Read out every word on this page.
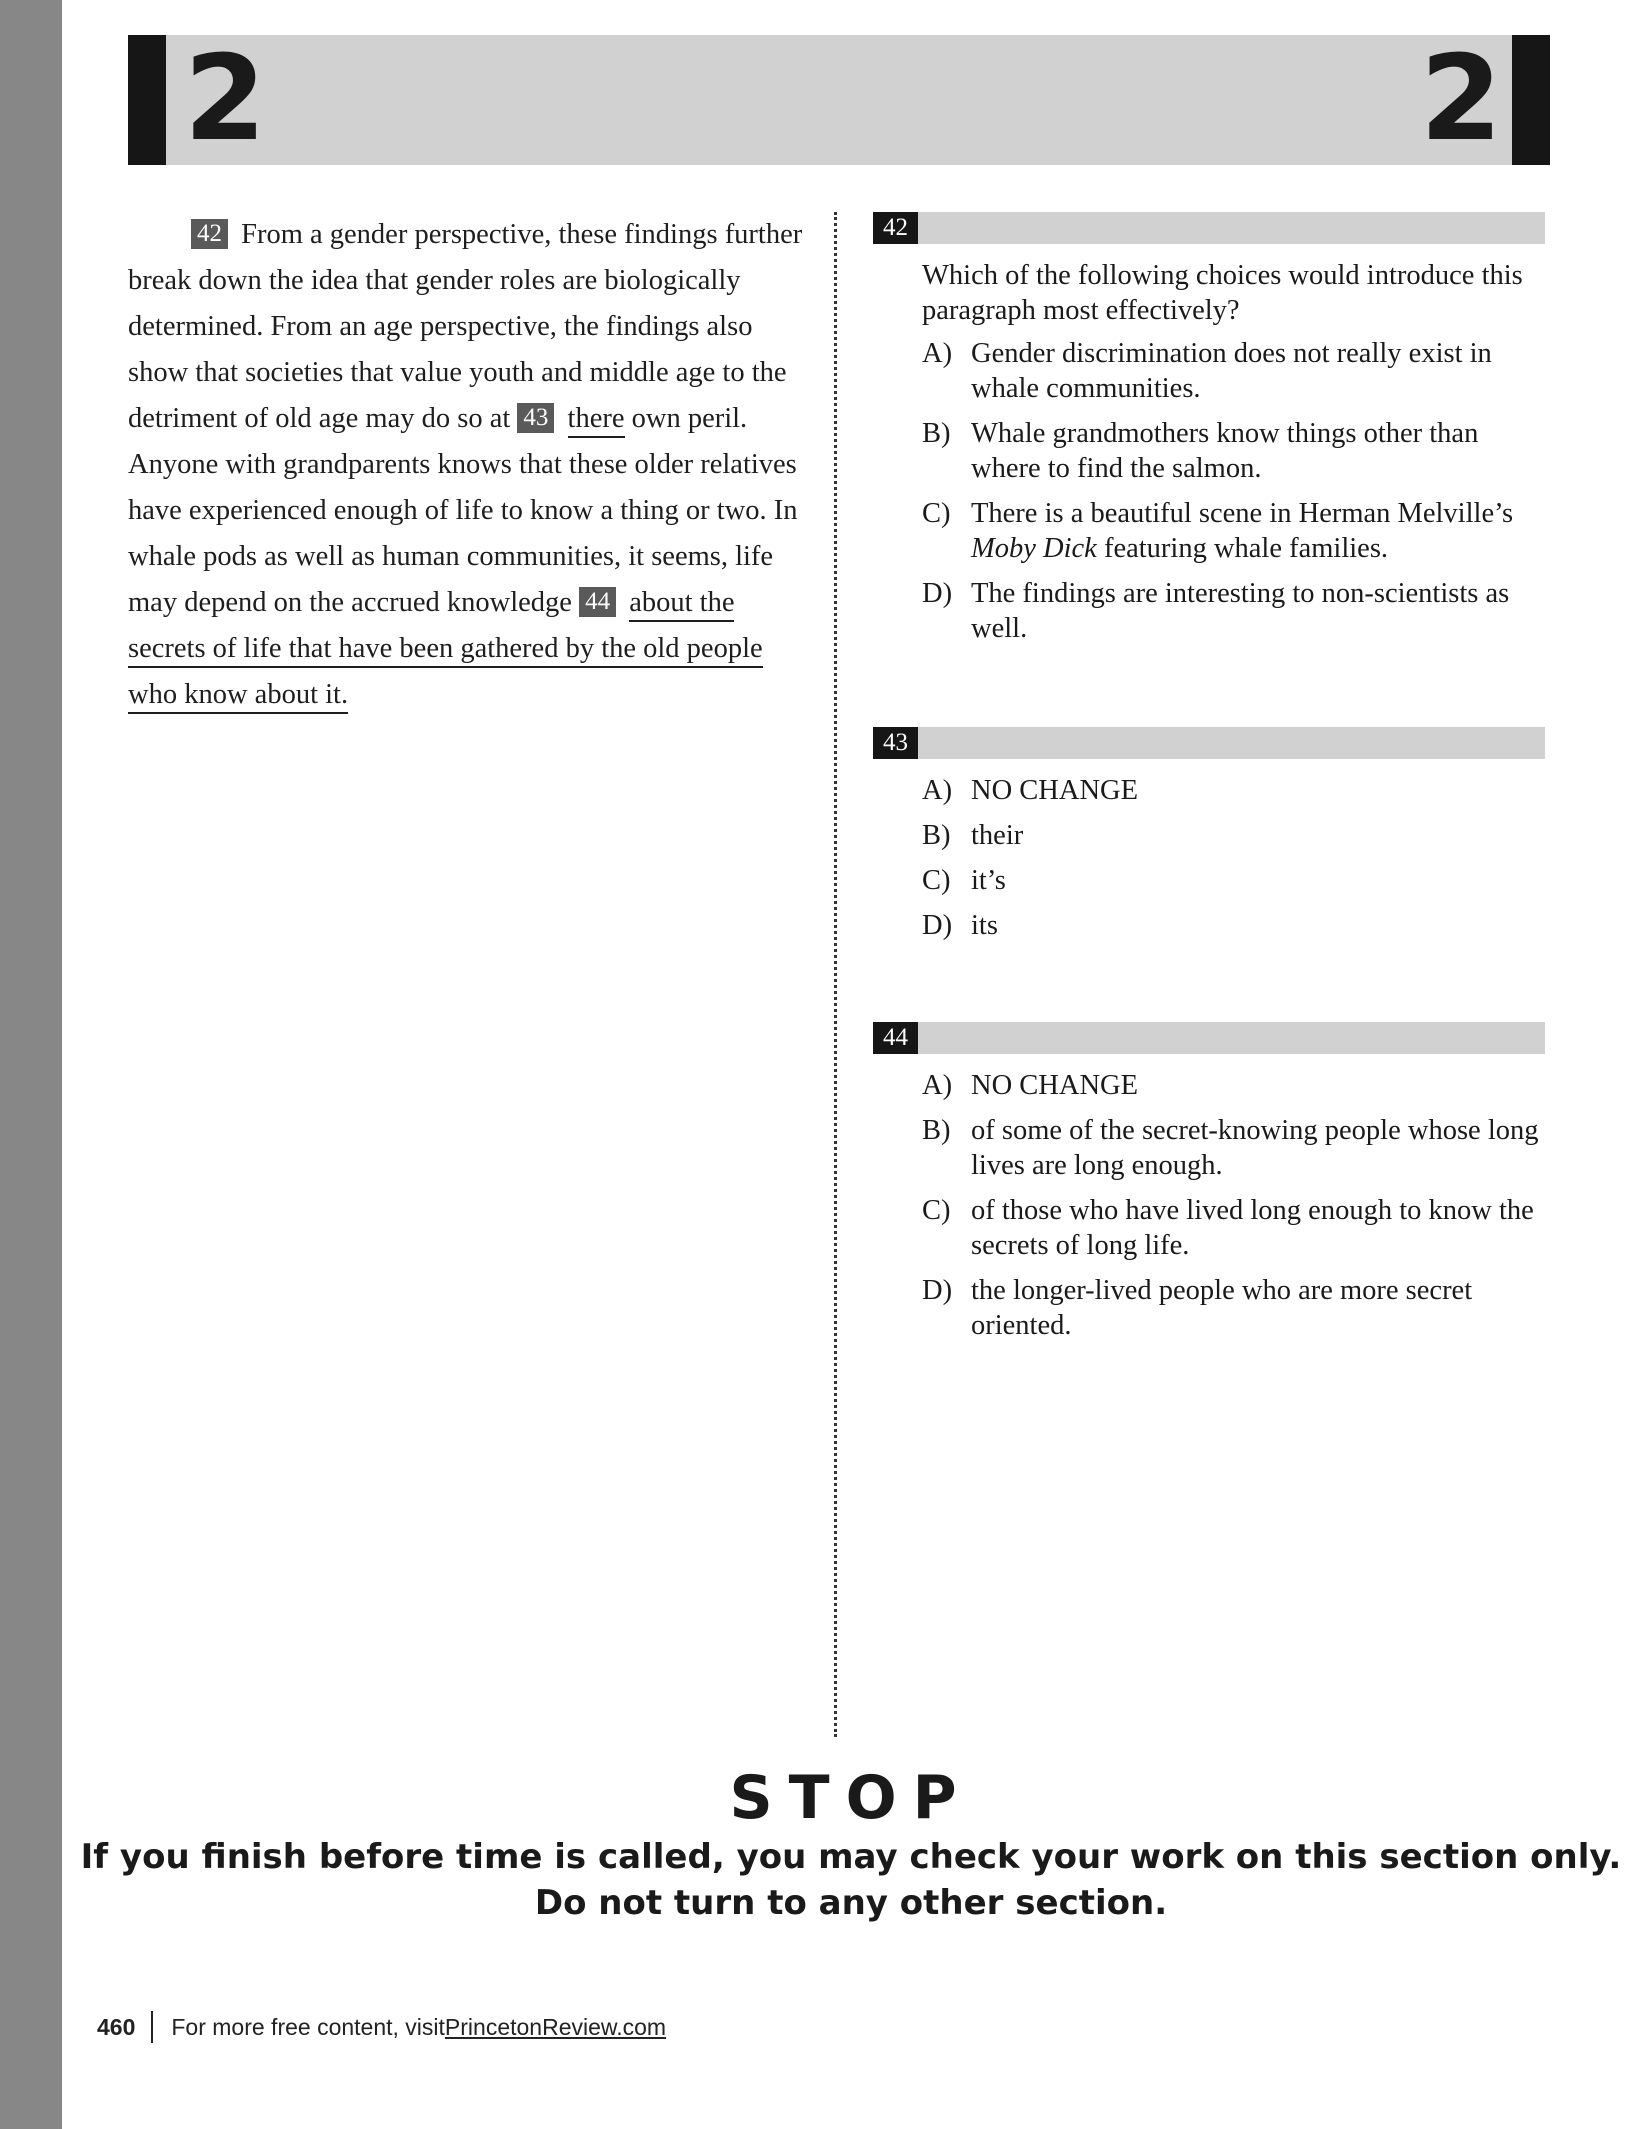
2	2

42 From a gender perspective, these findings further break down the idea that gender roles are biologically determined. From an age perspective, the findings also show that societies that value youth and middle age to the detriment of old age may do so at 43 there own peril. Anyone with grandparents knows that these older relatives have experienced enough of life to know a thing or two. In whale pods as well as human communities, it seems, life may depend on the accrued knowledge 44 about the secrets of life that have been gathered by the old people who know about it.

42
Which of the following choices would introduce this paragraph most effectively?
A) Gender discrimination does not really exist in whale communities.
B) Whale grandmothers know things other than where to find the salmon.
C) There is a beautiful scene in Herman Melville’s Moby Dick featuring whale families.
D) The findings are interesting to non-scientists as well.
43
A) NO CHANGE
B) their
C) it’s
D) its
44
A) NO CHANGE
B) of some of the secret-knowing people whose long lives are long enough.
C) of those who have lived long enough to know the secrets of long life.
D) the longer-lived people who are more secret oriented.
STOP
If you finish before time is called, you may check your work on this section only.
Do not turn to any other section.
460 For more free content, visit PrincetonReview.com
